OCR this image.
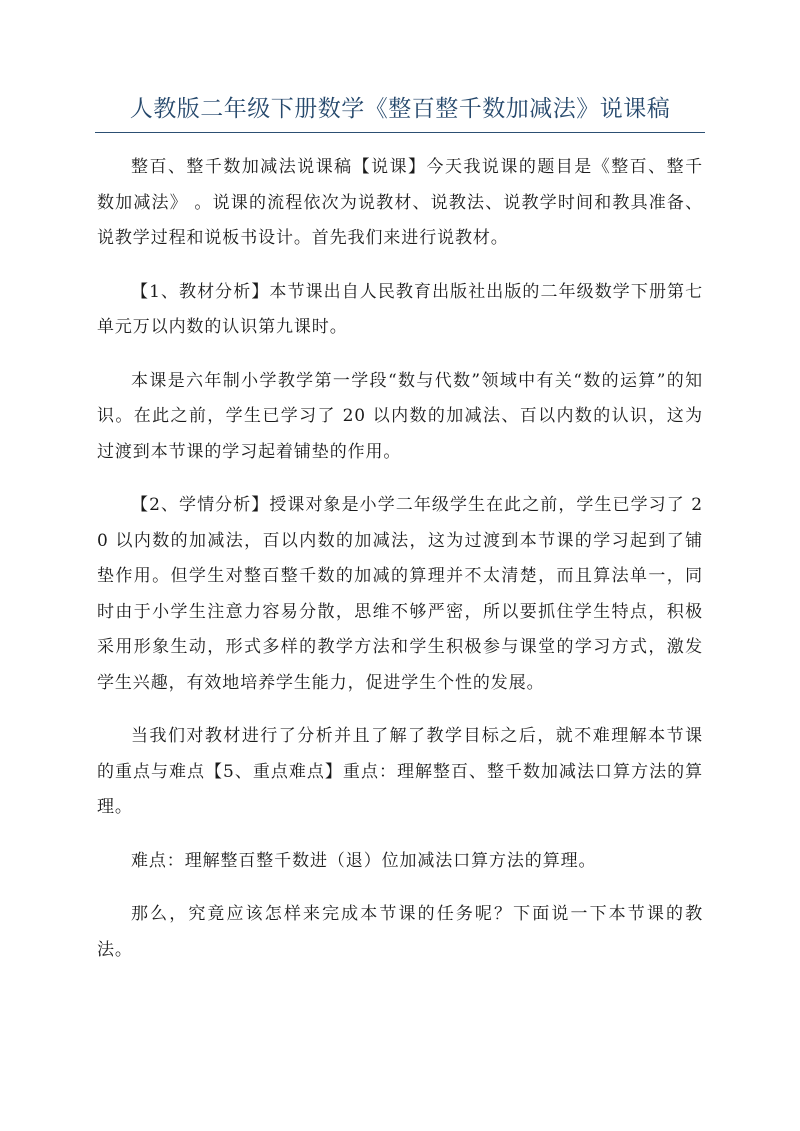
人教版二年级下册数学《整百整千数加减法》说课稿

整百、整千数加减法说课稿【说课】今天我说课的题目是《整百、整千数加减法》 。说课的流程依次为说教材、说教法、说教学时间和教具准备、说教学过程和说板书设计。首先我们来进行说教材。

【1、教材分析】本节课出自人民教育出版社出版的二年级数学下册第七单元万以内数的认识第九课时。

本课是六年制小学教学第一学段“数与代数”领域中有关“数的运算”的知识。在此之前，学生已学习了 20 以内数的加减法、百以内数的认识，这为过渡到本节课的学习起着铺垫的作用。

【2、学情分析】授课对象是小学二年级学生在此之前，学生已学习了 20 以内数的加减法，百以内数的加减法，这为过渡到本节课的学习起到了铺垫作用。但学生对整百整千数的加减的算理并不太清楚，而且算法单一，同时由于小学生注意力容易分散，思维不够严密，所以要抓住学生特点，积极采用形象生动，形式多样的教学方法和学生积极参与课堂的学习方式，激发学生兴趣，有效地培养学生能力，促进学生个性的发展。

当我们对教材进行了分析并且了解了教学目标之后，就不难理解本节课的重点与难点【5、重点难点】重点：理解整百、整千数加减法口算方法的算理。

难点：理解整百整千数进（退）位加减法口算方法的算理。

那么，究竟应该怎样来完成本节课的任务呢？下面说一下本节课的教法。
